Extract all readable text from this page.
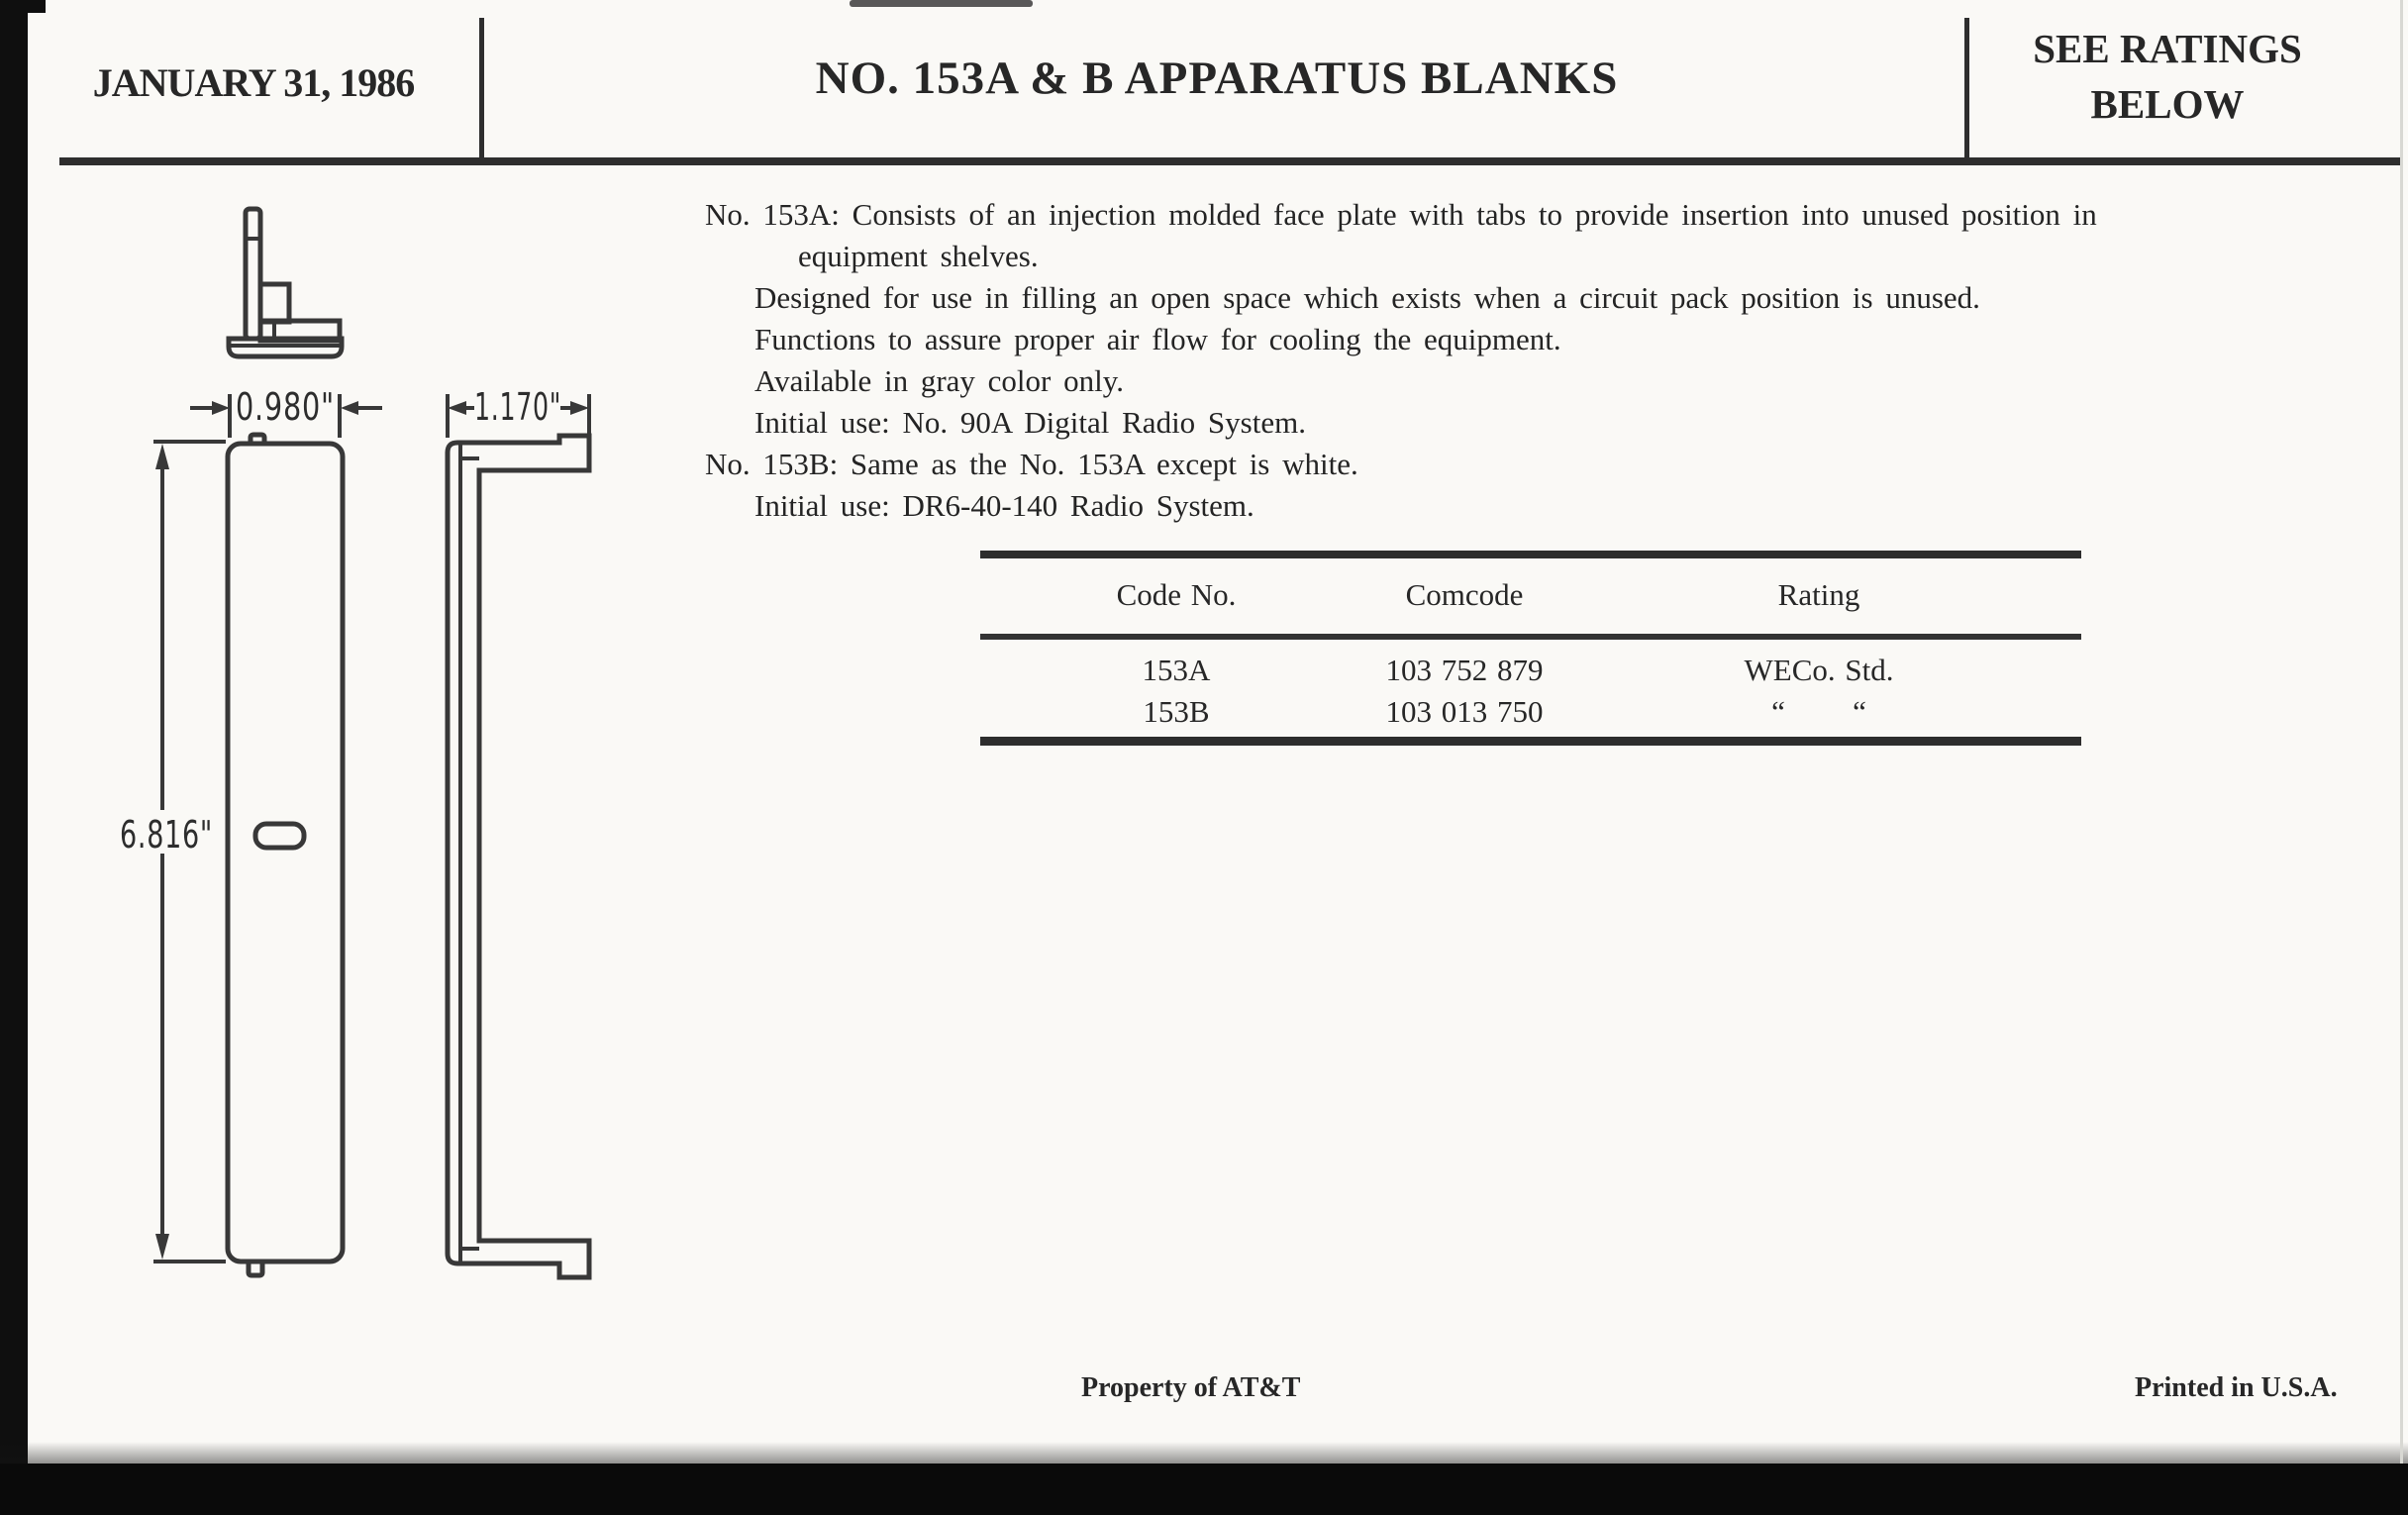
JANUARY 31, 1986	NO. 153A & B APPARATUS BLANKS
SEE RATINGS
BELOW
No. 153A: Consists of an injection molded face plate with tabs to provide insertion into unused position in
equipment shelves.
Designed for use in filling an open space which exists when a circuit pack position is unused.
Functions to assure proper air flow for cooling the equipment.
Available in gray color only.
Initial use: No. 90A Digital Radio System.
No. 153B: Same as the No. 153A except is white.
Initial use: DR6-40-140 Radio System.
0.980"	1.170"
6.816"
Code No.	Comcode	Rating
153A	103 752 879	WECo. Std.
153B	103 013 750	“       “
Property of AT&T	Printed in U.S.A.
